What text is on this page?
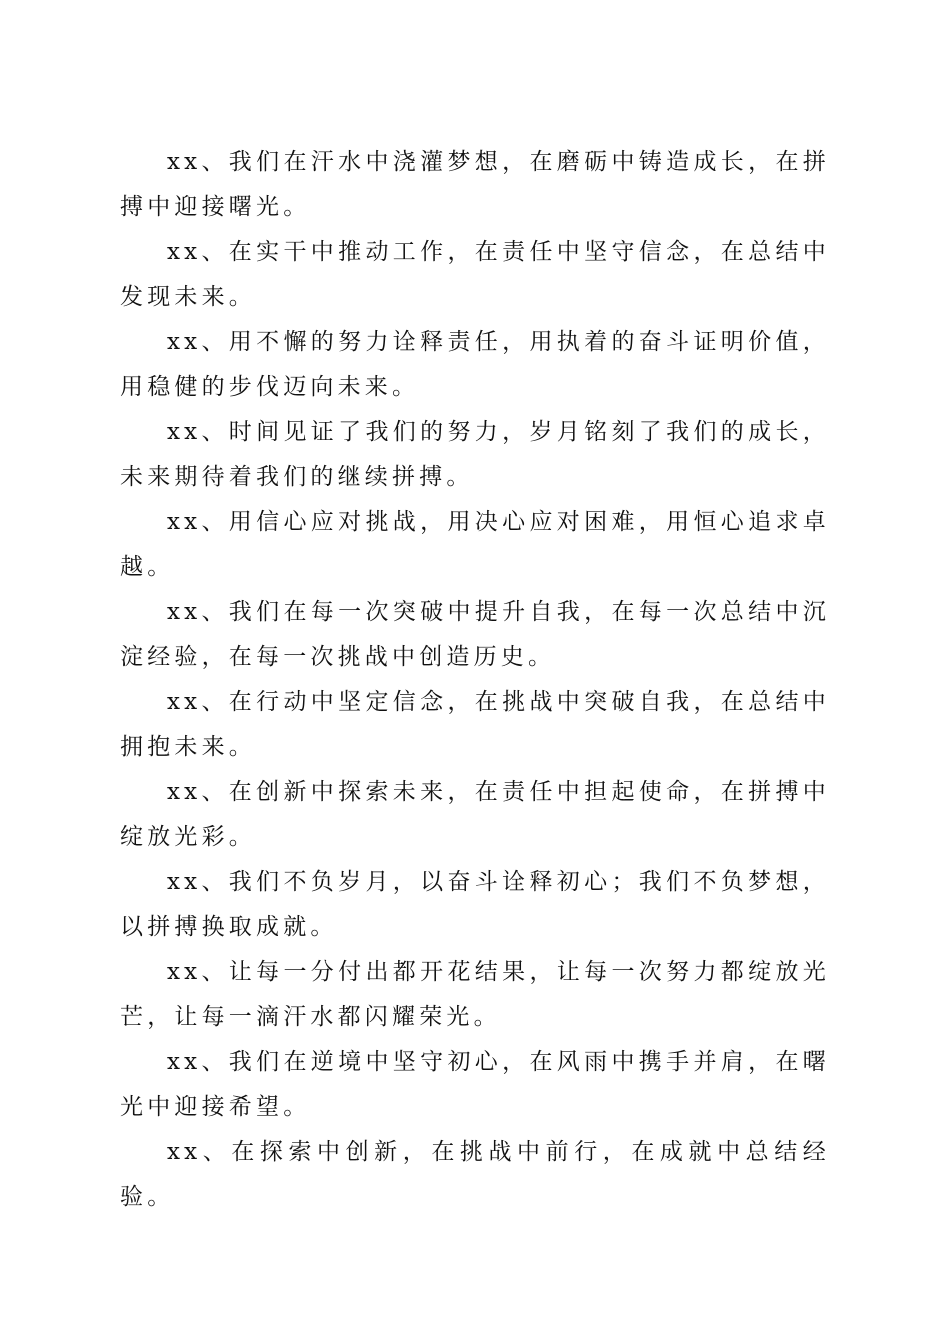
xx、我们在汗水中浇灌梦想，在磨砺中铸造成长，在拼搏中迎接曙光。

xx、在实干中推动工作，在责任中坚守信念，在总结中发现未来。

xx、用不懈的努力诠释责任，用执着的奋斗证明价值，用稳健的步伐迈向未来。

xx、时间见证了我们的努力，岁月铭刻了我们的成长，未来期待着我们的继续拼搏。

xx、用信心应对挑战，用决心应对困难，用恒心追求卓越。

xx、我们在每一次突破中提升自我，在每一次总结中沉淀经验，在每一次挑战中创造历史。

xx、在行动中坚定信念，在挑战中突破自我，在总结中拥抱未来。

xx、在创新中探索未来，在责任中担起使命，在拼搏中绽放光彩。

xx、我们不负岁月，以奋斗诠释初心；我们不负梦想，以拼搏换取成就。

xx、让每一分付出都开花结果，让每一次努力都绽放光芒，让每一滴汗水都闪耀荣光。

xx、我们在逆境中坚守初心，在风雨中携手并肩，在曙光中迎接希望。

xx、在探索中创新，在挑战中前行，在成就中总结经验。
